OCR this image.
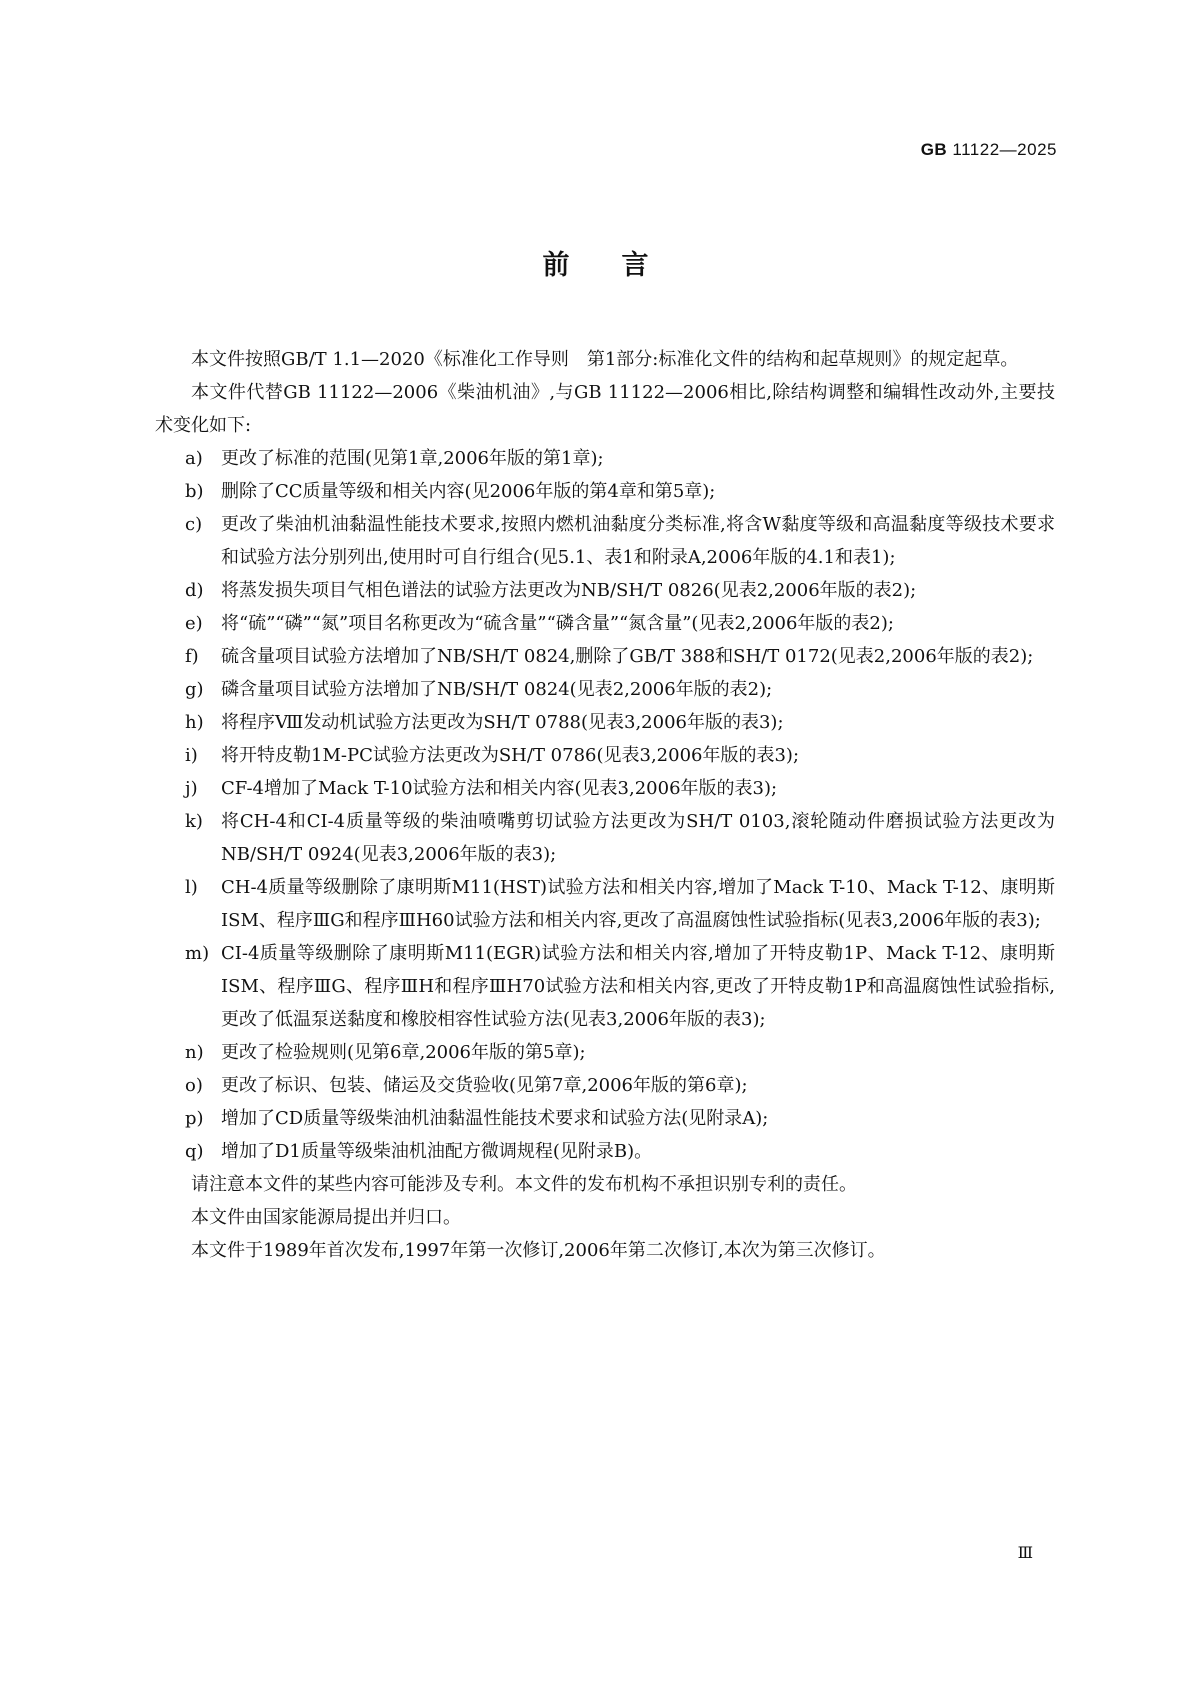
GB 11122—2025
前言
本文件按照GB/T 1.1—2020《标准化工作导则　第1部分:标准化文件的结构和起草规则》的规定起草。
本文件代替GB 11122—2006《柴油机油》,与GB 11122—2006相比,除结构调整和编辑性改动外,主要技术变化如下:
a)	更改了标准的范围(见第1章,2006年版的第1章);
b) 删除了CC质量等级和相关内容(见2006年版的第4章和第5章);
c)	更改了柴油机油黏温性能技术要求,按照内燃机油黏度分类标准,将含W黏度等级和高温黏度等级技术要求和试验方法分别列出,使用时可自行组合(见5.1、表1和附录A,2006年版的4.1和表1);
d) 将蒸发损失项目气相色谱法的试验方法更改为NB/SH/T 0826(见表2,2006年版的表2);
e)	将“硫”“磷”“氮”项目名称更改为“硫含量”“磷含量”“氮含量”(见表2,2006年版的表2);
f)	硫含量项目试验方法增加了NB/SH/T 0824,删除了GB/T 388和SH/T 0172(见表2,2006年版的表2);
g) 磷含量项目试验方法增加了NB/SH/T 0824(见表2,2006年版的表2);
h) 将程序Ⅷ发动机试验方法更改为SH/T 0788(见表3,2006年版的表3);
i)	将开特皮勒1M-PC试验方法更改为SH/T 0786(见表3,2006年版的表3);
j)	CF-4增加了Mack T-10试验方法和相关内容(见表3,2006年版的表3);
k)	将CH-4和CI-4质量等级的柴油喷嘴剪切试验方法更改为SH/T 0103,滚轮随动件磨损试验方法更改为NB/SH/T 0924(见表3,2006年版的表3);
l)	CH-4质量等级删除了康明斯M11(HST)试验方法和相关内容,增加了Mack T-10、Mack T-12、康明斯ISM、程序ⅢG和程序ⅢH60试验方法和相关内容,更改了高温腐蚀性试验指标(见表3,2006年版的表3);
m) CI-4质量等级删除了康明斯M11(EGR)试验方法和相关内容,增加了开特皮勒1P、Mack T-12、康明斯ISM、程序ⅢG、程序ⅢH和程序ⅢH70试验方法和相关内容,更改了开特皮勒1P和高温腐蚀性试验指标,更改了低温泵送黏度和橡胶相容性试验方法(见表3,2006年版的表3);
n) 更改了检验规则(见第6章,2006年版的第5章);
o)	更改了标识、包装、储运及交货验收(见第7章,2006年版的第6章);
p) 增加了CD质量等级柴油机油黏温性能技术要求和试验方法(见附录A);
q) 增加了D1质量等级柴油机油配方微调规程(见附录B)。
请注意本文件的某些内容可能涉及专利。本文件的发布机构不承担识别专利的责任。
本文件由国家能源局提出并归口。
本文件于1989年首次发布,1997年第一次修订,2006年第二次修订,本次为第三次修订。
Ⅲ
